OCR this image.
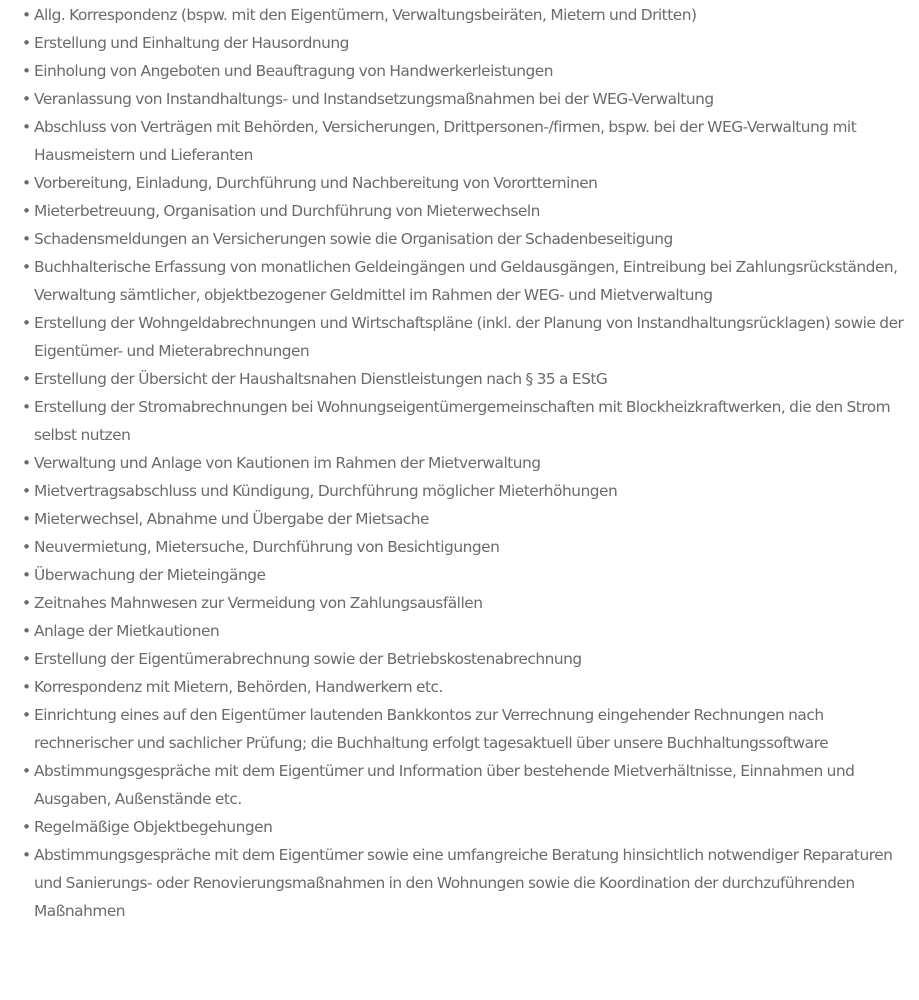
• Allg. Korrespondenz (bspw. mit den Eigentümern, Verwaltungsbeiräten, Mietern und Dritten)
• Erstellung und Einhaltung der Hausordnung
• Einholung von Angeboten und Beauftragung von Handwerkerleistungen
• Veranlassung von Instandhaltungs- und Instandsetzungsmaßnahmen bei der WEG-Verwaltung
• Abschluss von Verträgen mit Behörden, Versicherungen, Drittpersonen-/firmen, bspw. bei der WEG-Verwaltung mit Hausmeistern und Lieferanten
• Vorbereitung, Einladung, Durchführung und Nachbereitung von Vorortterninen
• Mieterbetreuung, Organisation und Durchführung von Mieterwechseln
• Schadensmeldungen an Versicherungen sowie die Organisation der Schadenbeseitigung
• Buchhalterische Erfassung von monatlichen Geldeingängen und Geldausgängen, Eintreibung bei Zahlungsrückständen, Verwaltung sämtlicher, objektbezogener Geldmittel im Rahmen der WEG- und Mietverwaltung
• Erstellung der Wohngeldabrechnungen und Wirtschaftspläne (inkl. der Planung von Instandhaltungsrücklagen) sowie der Eigentümer- und Mieterabrechnungen
• Erstellung der Übersicht der Haushaltsnahen Dienstleistungen nach § 35 a EStG
• Erstellung der Stromabrechnungen bei Wohnungseigentümergemeinschaften mit Blockheizkraftwerken, die den Strom selbst nutzen
• Verwaltung und Anlage von Kautionen im Rahmen der Mietverwaltung
• Mietvertragsabschluss und Kündigung, Durchführung möglicher Mieterhöhungen
• Mieterwechsel, Abnahme und Übergabe der Mietsache
• Neuvermietung, Mietersuche, Durchführung von Besichtigungen
• Überwachung der Mieteingänge
• Zeitnahes Mahnwesen zur Vermeidung von Zahlungsausfällen
• Anlage der Mietkautionen
• Erstellung der Eigentümerabrechnung sowie der Betriebskostenabrechnung
• Korrespondenz mit Mietern, Behörden, Handwerkern etc.
• Einrichtung eines auf den Eigentümer lautenden Bankkontos zur Verrechnung eingehender Rechnungen nach rechnerischer und sachlicher Prüfung; die Buchhaltung erfolgt tagesaktuell über unsere Buchhaltungssoftware
• Abstimmungsgespräche mit dem Eigentümer und Information über bestehende Mietverhältnisse, Einnahmen und Ausgaben, Außenstände etc.
• Regelmäßige Objektbegehungen
• Abstimmungsgespräche mit dem Eigentümer sowie eine umfangreiche Beratung hinsichtlich notwendiger Reparaturen und Sanierungs- oder Renovierungsmaßnahmen in den Wohnungen sowie die Koordination der durchzuführenden Maßnahmen
